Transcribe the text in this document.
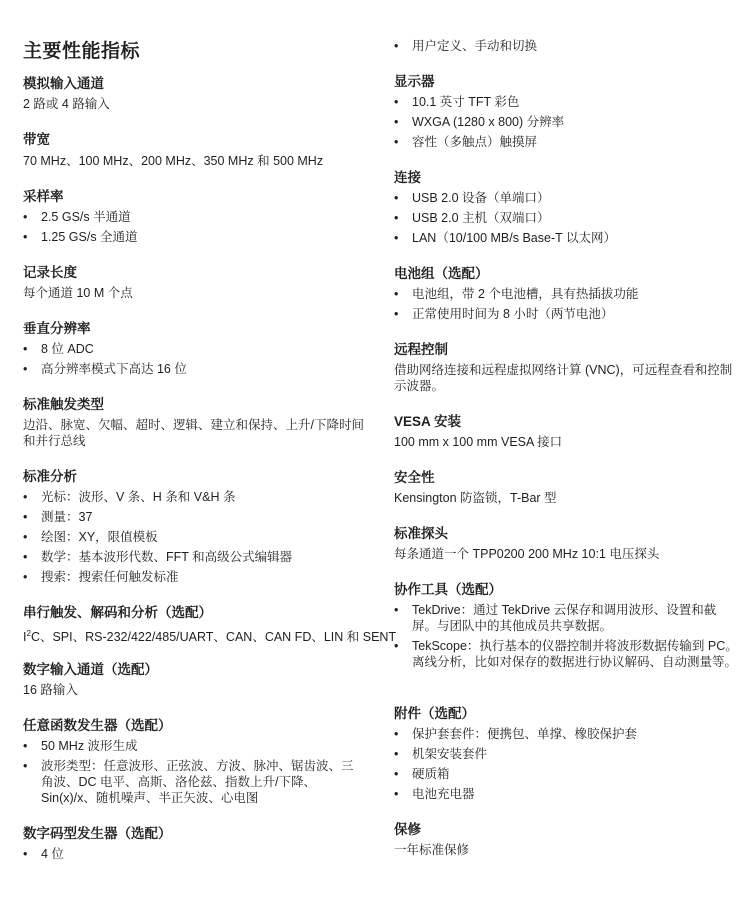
主要性能指标
模拟输入通道
2 路或 4 路输入
带宽
70 MHz、100 MHz、200 MHz、350 MHz 和 500 MHz
采样率
•	2.5 GS/s 半通道
•	1.25 GS/s 全通道
记录长度
每个通道 10 M 个点
垂直分辨率
•	8 位 ADC
•	高分辨率模式下高达 16 位
标准触发类型
边沿、脉宽、欠幅、超时、逻辑、建立和保持、上升/下降时间和并行总线
标准分析
•	光标：波形、V 条、H 条和 V&H 条
•	测量：37
•	绘图：XY，限值模板
•	数学：基本波形代数、FFT 和高级公式编辑器
•	搜索：搜索任何触发标准
串行触发、解码和分析（选配）
$I^2C$、SPI、RS-232/422/485/UART、CAN、CAN FD、LIN 和 SENT
数字输入通道（选配）
16 路输入
任意函数发生器（选配）
•	50 MHz 波形生成
•	波形类型：任意波形、正弦波、方波、脉冲、锯齿波、三角波、DC 电平、高斯、洛伦兹、指数上升/下降、Sin(x)/x、随机噪声、半正矢波、心电图
数字码型发生器（选配）
•	4 位
•	用户定义、手动和切换
显示器
•	10.1 英寸 TFT 彩色
•	WXGA (1280 x 800) 分辨率
•	容性（多触点）触摸屏
连接
•	USB 2.0 设备（单端口）
•	USB 2.0 主机（双端口）
•	LAN（10/100 MB/s Base-T 以太网）
电池组（选配）
•	电池组，带 2 个电池槽，具有热插拔功能
•	正常使用时间为 8 小时（两节电池）
远程控制
借助网络连接和远程虚拟网络计算 (VNC)，可远程查看和控制示波器。
VESA 安装
100 mm x 100 mm VESA 接口
安全性
Kensington 防盗锁，T-Bar 型
标准探头
每条通道一个 TPP0200 200 MHz 10:1 电压探头
协作工具（选配）
•	TekDrive：通过 TekDrive 云保存和调用波形、设置和截屏。与团队中的其他成员共享数据。
•	TekScope：执行基本的仪器控制并将波形数据传输到 PC。离线分析，比如对保存的数据进行协议解码、自动测量等。
附件（选配）
•	保护套套件：便携包、单撑、橡胶保护套
•	机架安装套件
•	硬质箱
•	电池充电器
保修
一年标准保修
